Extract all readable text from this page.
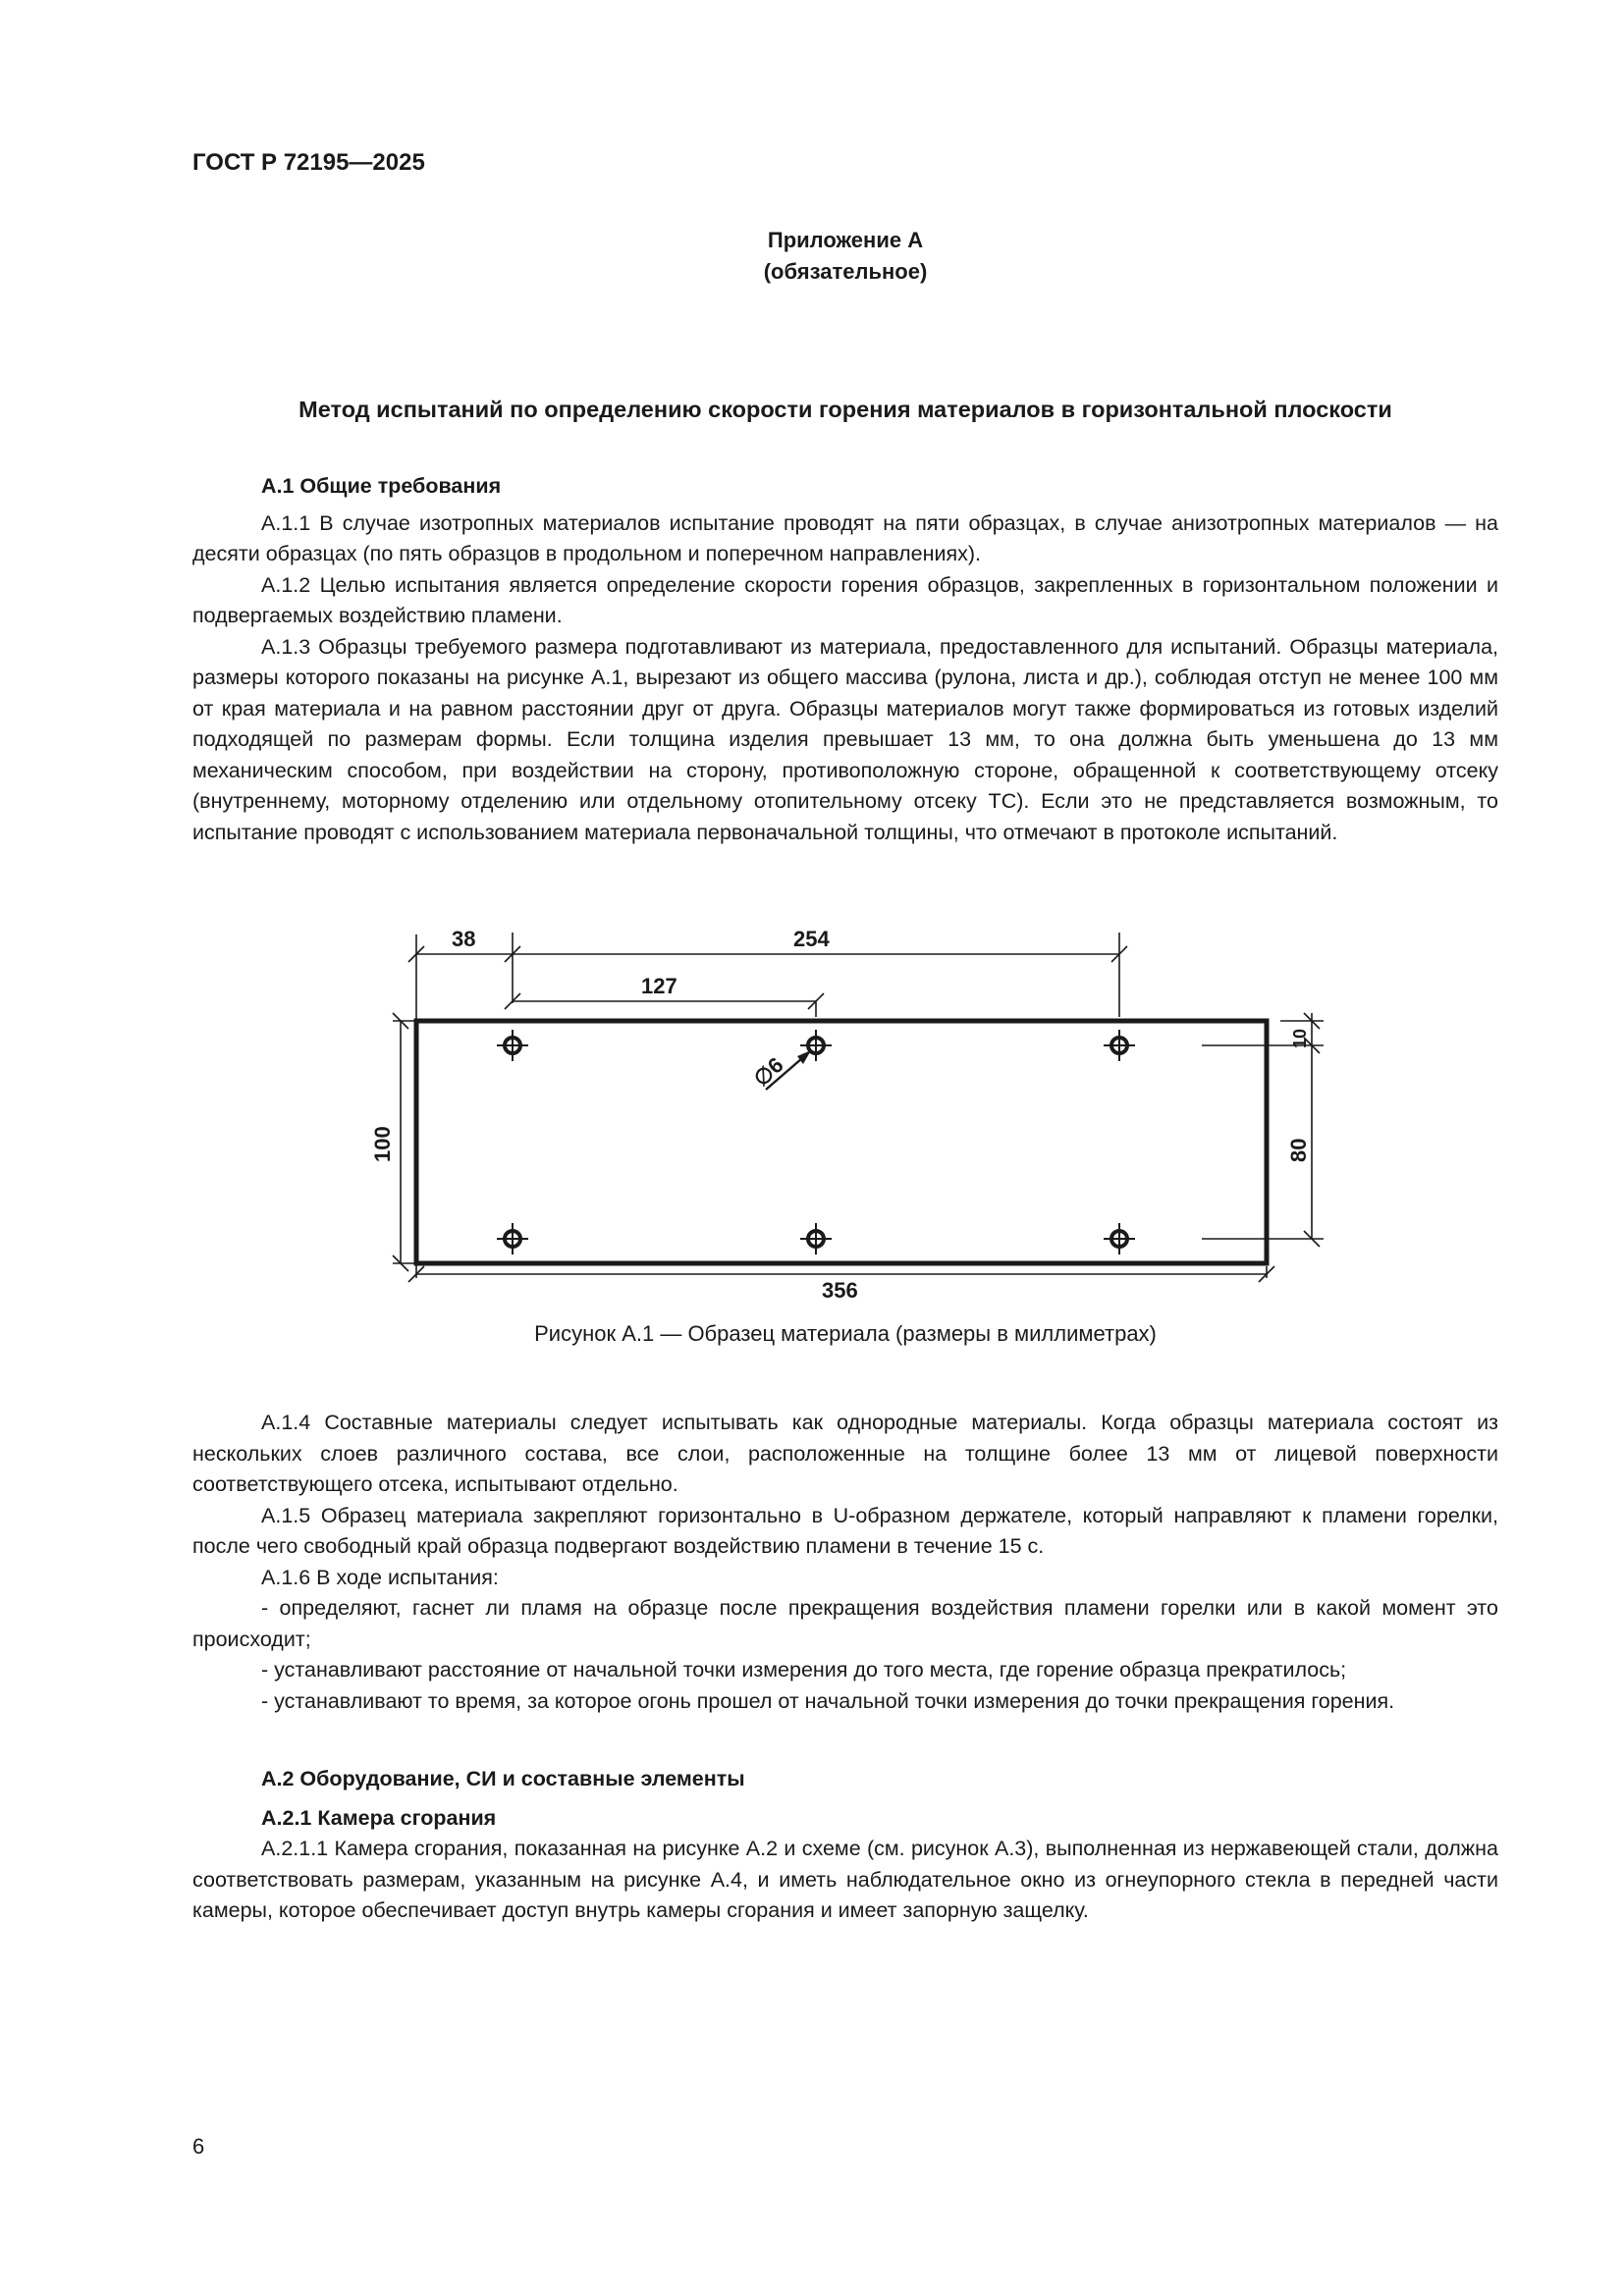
ГОСТ Р 72195—2025
Приложение А
(обязательное)
Метод испытаний по определению скорости горения материалов в горизонтальной плоскости

А.1 Общие требования

А.1.1 В случае изотропных материалов испытание проводят на пяти образцах, в случае анизотропных материалов — на десяти образцах (по пять образцов в продольном и поперечном направлениях).

А.1.2 Целью испытания является определение скорости горения образцов, закрепленных в горизонтальном положении и подвергаемых воздействию пламени.

А.1.3 Образцы требуемого размера подготавливают из материала, предоставленного для испытаний. Образцы материала, размеры которого показаны на рисунке А.1, вырезают из общего массива (рулона, листа и др.), соблюдая отступ не менее 100 мм от края материала и на равном расстоянии друг от друга. Образцы материалов могут также формироваться из готовых изделий подходящей по размерам формы. Если толщина изделия превышает 13 мм, то она должна быть уменьшена до 13 мм механическим способом, при воздействии на сторону, противоположную стороне, обращенной к соответствующему отсеку (внутреннему, моторному отделению или отдельному отопительному отсеку ТС). Если это не представляется возможным, то испытание проводят с использованием материала первоначальной толщины, что отмечают в протоколе испытаний.

38	254
127
∅6
100
10
80
356
Рисунок А.1 — Образец материала (размеры в миллиметрах)

А.1.4 Составные материалы следует испытывать как однородные материалы. Когда образцы материала состоят из нескольких слоев различного состава, все слои, расположенные на толщине более 13 мм от лицевой поверхности соответствующего отсека, испытывают отдельно.

А.1.5 Образец материала закрепляют горизонтально в U-образном держателе, который направляют к пламени горелки, после чего свободный край образца подвергают воздействию пламени в течение 15 с.

А.1.6 В ходе испытания:

- определяют, гаснет ли пламя на образце после прекращения воздействия пламени горелки или в какой момент это происходит;

- устанавливают расстояние от начальной точки измерения до того места, где горение образца прекратилось;

- устанавливают то время, за которое огонь прошел от начальной точки измерения до точки прекращения горения.

А.2 Оборудование, СИ и составные элементы

А.2.1 Камера сгорания

А.2.1.1 Камера сгорания, показанная на рисунке А.2 и схеме (см. рисунок А.3), выполненная из нержавеющей стали, должна соответствовать размерам, указанным на рисунке А.4, и иметь наблюдательное окно из огнеупорного стекла в передней части камеры, которое обеспечивает доступ внутрь камеры сгорания и имеет запорную защелку.

6
